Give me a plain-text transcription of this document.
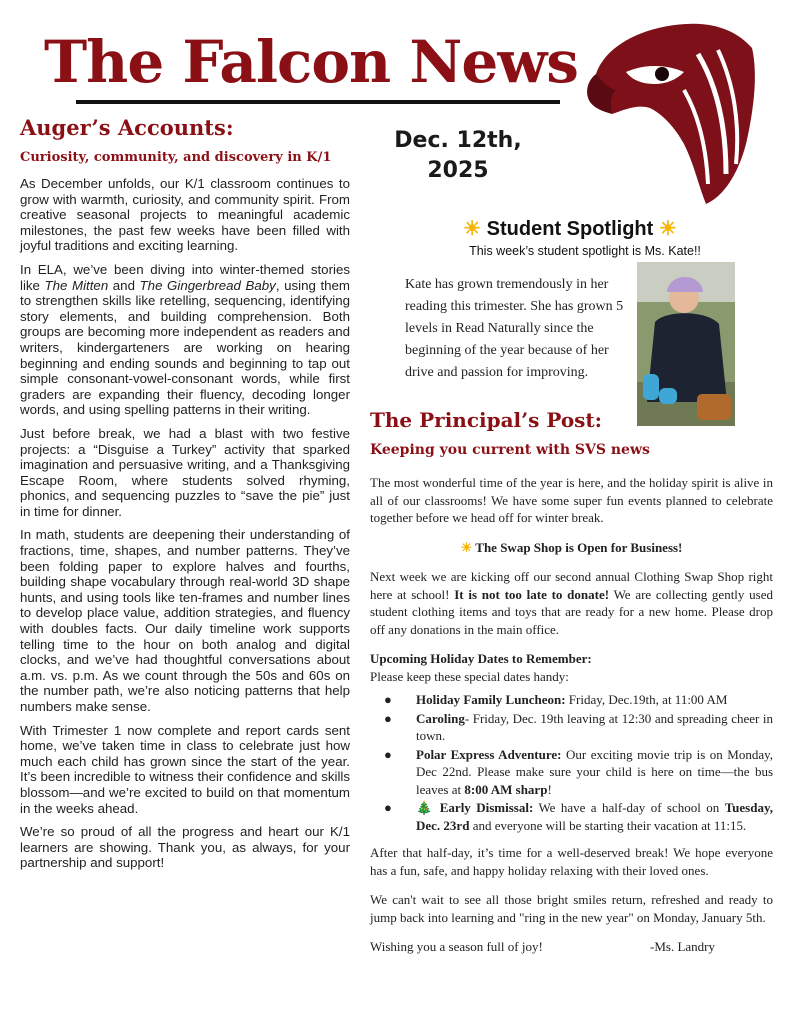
The Falcon News
Dec. 12th,
2025
Auger’s Accounts:
Curiosity, community, and discovery in K/1

As December unfolds, our K/1 classroom continues to grow with warmth, curiosity, and community spirit. From creative seasonal projects to meaningful academic milestones, the past few weeks have been filled with joyful traditions and exciting learning.

In ELA, we’ve been diving into winter-themed stories like The Mitten and The Gingerbread Baby, using them to strengthen skills like retelling, sequencing, identifying story elements, and building comprehension. Both groups are becoming more independent as readers and writers, kindergarteners are working on hearing beginning and ending sounds and beginning to tap out simple consonant-vowel-consonant words, while first graders are expanding their fluency, decoding longer words, and using spelling patterns in their writing.

Just before break, we had a blast with two festive projects: a “Disguise a Turkey” activity that sparked imagination and persuasive writing, and a Thanksgiving Escape Room, where students solved rhyming, phonics, and sequencing puzzles to “save the pie” just in time for dinner.

In math, students are deepening their understanding of fractions, time, shapes, and number patterns. They’ve been folding paper to explore halves and fourths, building shape vocabulary through real-world 3D shape hunts, and using tools like ten-frames and number lines to develop place value, addition strategies, and fluency with doubles facts. Our daily timeline work supports telling time to the hour on both analog and digital clocks, and we’ve had thoughtful conversations about a.m. vs. p.m. As we count through the 50s and 60s on the number path, we’re also noticing patterns that help numbers make sense.

With Trimester 1 now complete and report cards sent home, we’ve taken time in class to celebrate just how much each child has grown since the start of the year. It’s been incredible to witness their confidence and skills blossom—and we’re excited to build on that momentum in the weeks ahead.

We’re so proud of all the progress and heart our K/1 learners are showing. Thank you, as always, for your partnership and support!

☀ Student Spotlight ☀
This week’s student spotlight is Ms. Kate!!
Kate has grown tremendously in her reading this trimester. She has grown 5 levels in Read Naturally since the beginning of the year because of her drive and passion for improving.
The Principal’s Post:
Keeping you current with SVS news

The most wonderful time of the year is here, and the holiday spirit is alive in all of our classrooms! We have some super fun events planned to celebrate together before we head off for winter break.

☀ The Swap Shop is Open for Business!

Next week we are kicking off our second annual Clothing Swap Shop right here at school! It is not too late to donate! We are collecting gently used student clothing items and toys that are ready for a new home. Please drop off any donations in the main office.

Upcoming Holiday Dates to Remember:
Please keep these special dates handy:
● Holiday Family Luncheon: Friday, Dec.19th, at 11:00 AM
● Caroling- Friday, Dec. 19th leaving at 12:30 and spreading cheer in town.
● Polar Express Adventure: Our exciting movie trip is on Monday, Dec 22nd. Please make sure your child is here on time—the bus leaves at 8:00 AM sharp!
● 🎄 Early Dismissal: We have a half-day of school on Tuesday, Dec. 23rd and everyone will be starting their vacation at 11:15.

After that half-day, it’s time for a well-deserved break! We hope everyone has a fun, safe, and happy holiday relaxing with their loved ones.

We can't wait to see all those bright smiles return, refreshed and ready to jump back into learning and "ring in the new year" on Monday, January 5th.

Wishing you a season full of joy!	-Ms. Landry
